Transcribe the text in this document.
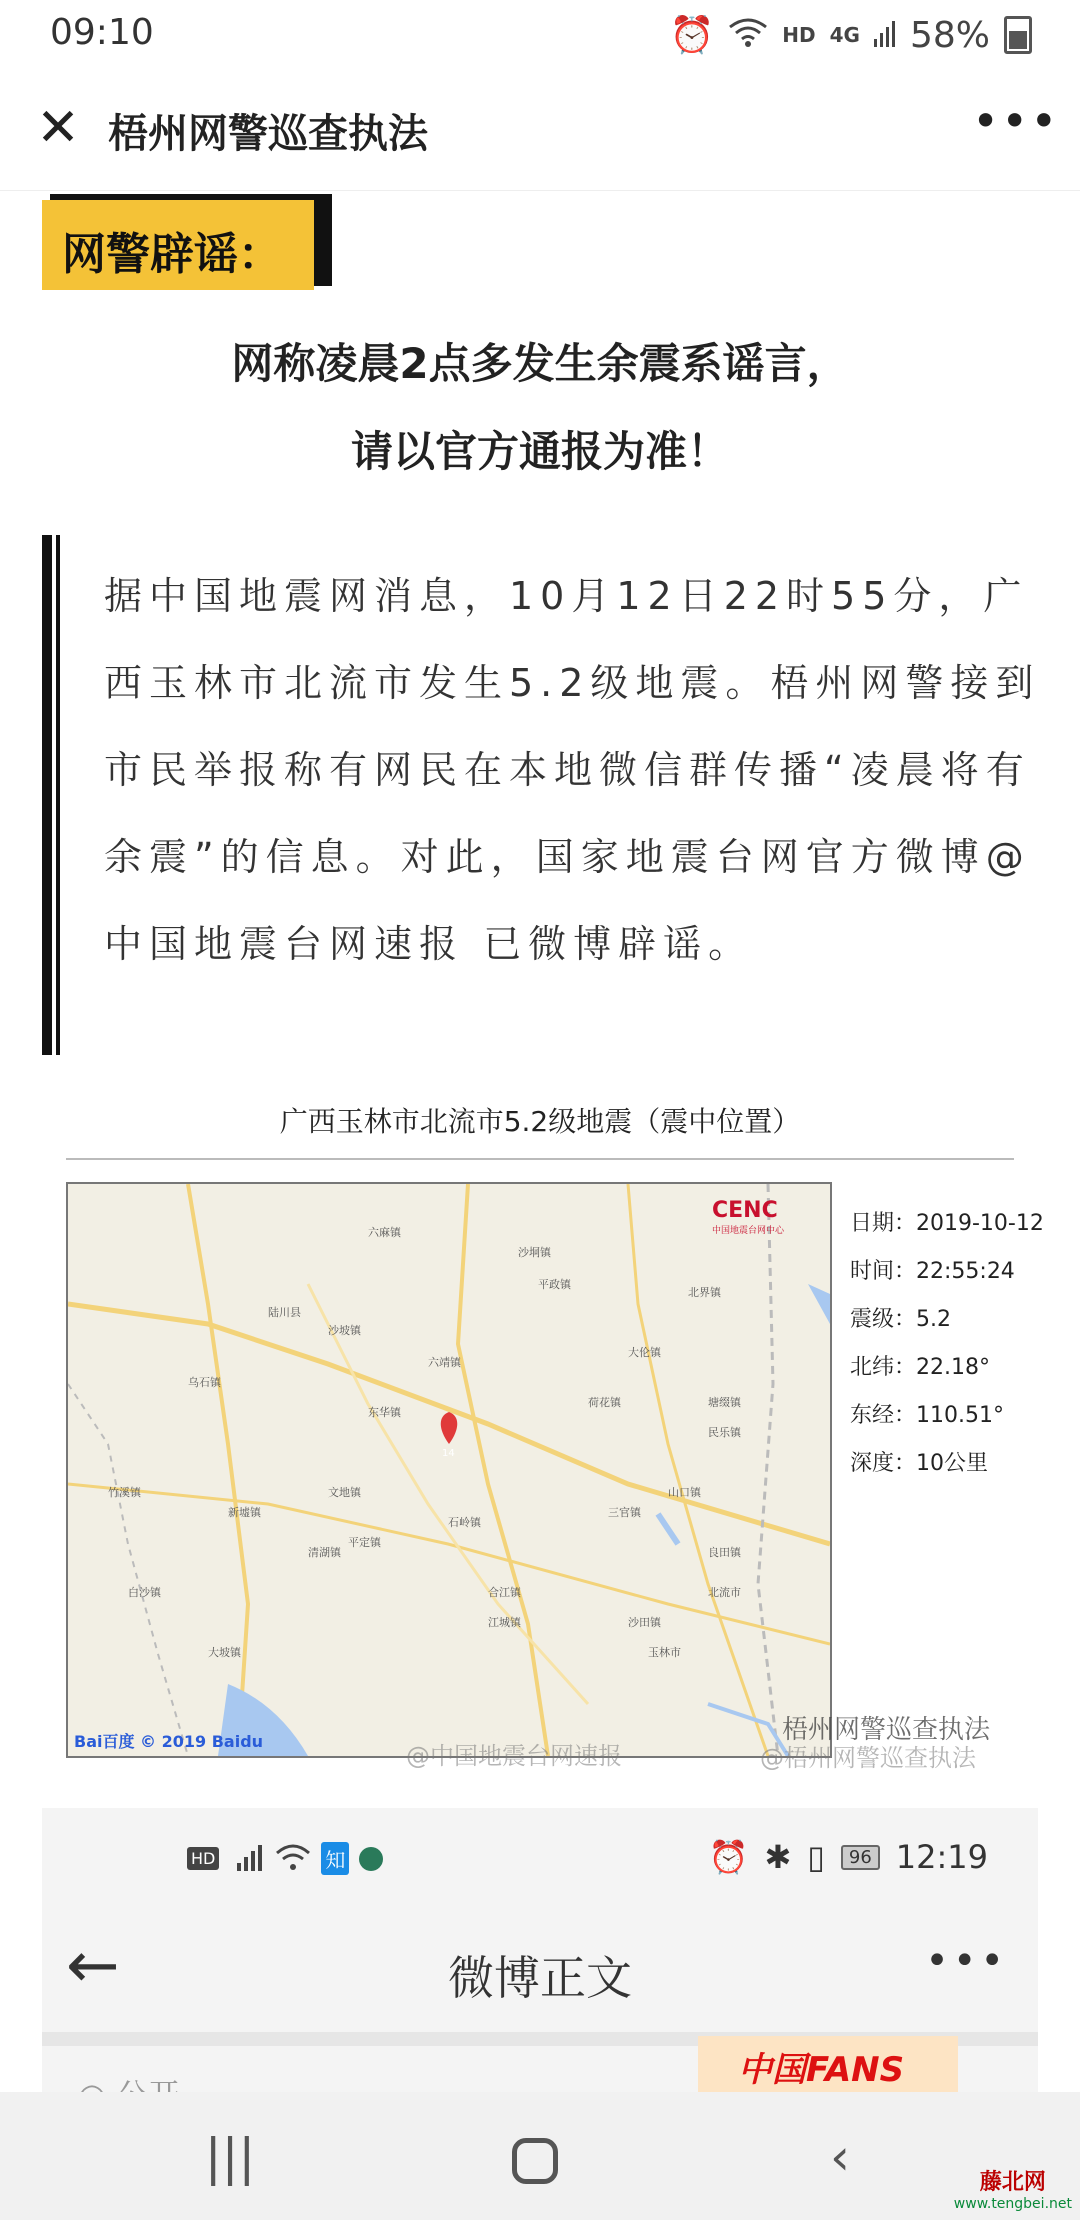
09:10	⏰	HD 4G 58%
✕ 梧州网警巡查执法	•••
网警辟谣：
网称凌晨2点多发生余震系谣言，
请以官方通报为准！
据中国地震网消息，10月12日22时55分，广西玉林市北流市发生5.2级地震。梧州网警接到市民举报称有网民在本地微信群传播“凌晨将有余震”的信息。对此，国家地震台网官方微博@中国地震台网速报 已微博辟谣。
广西玉林市北流市5.2级地震（震中位置）
CENC
中国地震台网中心
Bai百度 © 2019 Baidu
14
六麻镇
沙垌镇
平政镇
北界镇
陆川县
沙坡镇
大伦镇
六靖镇
东华镇
荷花镇	塘缀镇
民乐镇
乌石镇
文地镇
清湖镇
平定镇
新墟镇
山口镇
石岭镇
三官镇
合江镇
良田镇
江城镇
北流市
沙田镇
大坡镇
白沙镇
竹溪镇
玉林市
日期：2019-10-12
时间：22:55:24
震级：5.2
北纬：22.18°
东经：110.51°
深度：10公里
@中国地震台网速报	@梧州网警巡查执法
梧州网警巡查执法
HD	知	⏰ ✱ ▯	96 12:19
←	微博正文	•••
中国FANS
|||	‹	藤北网
www.tengbei.net
